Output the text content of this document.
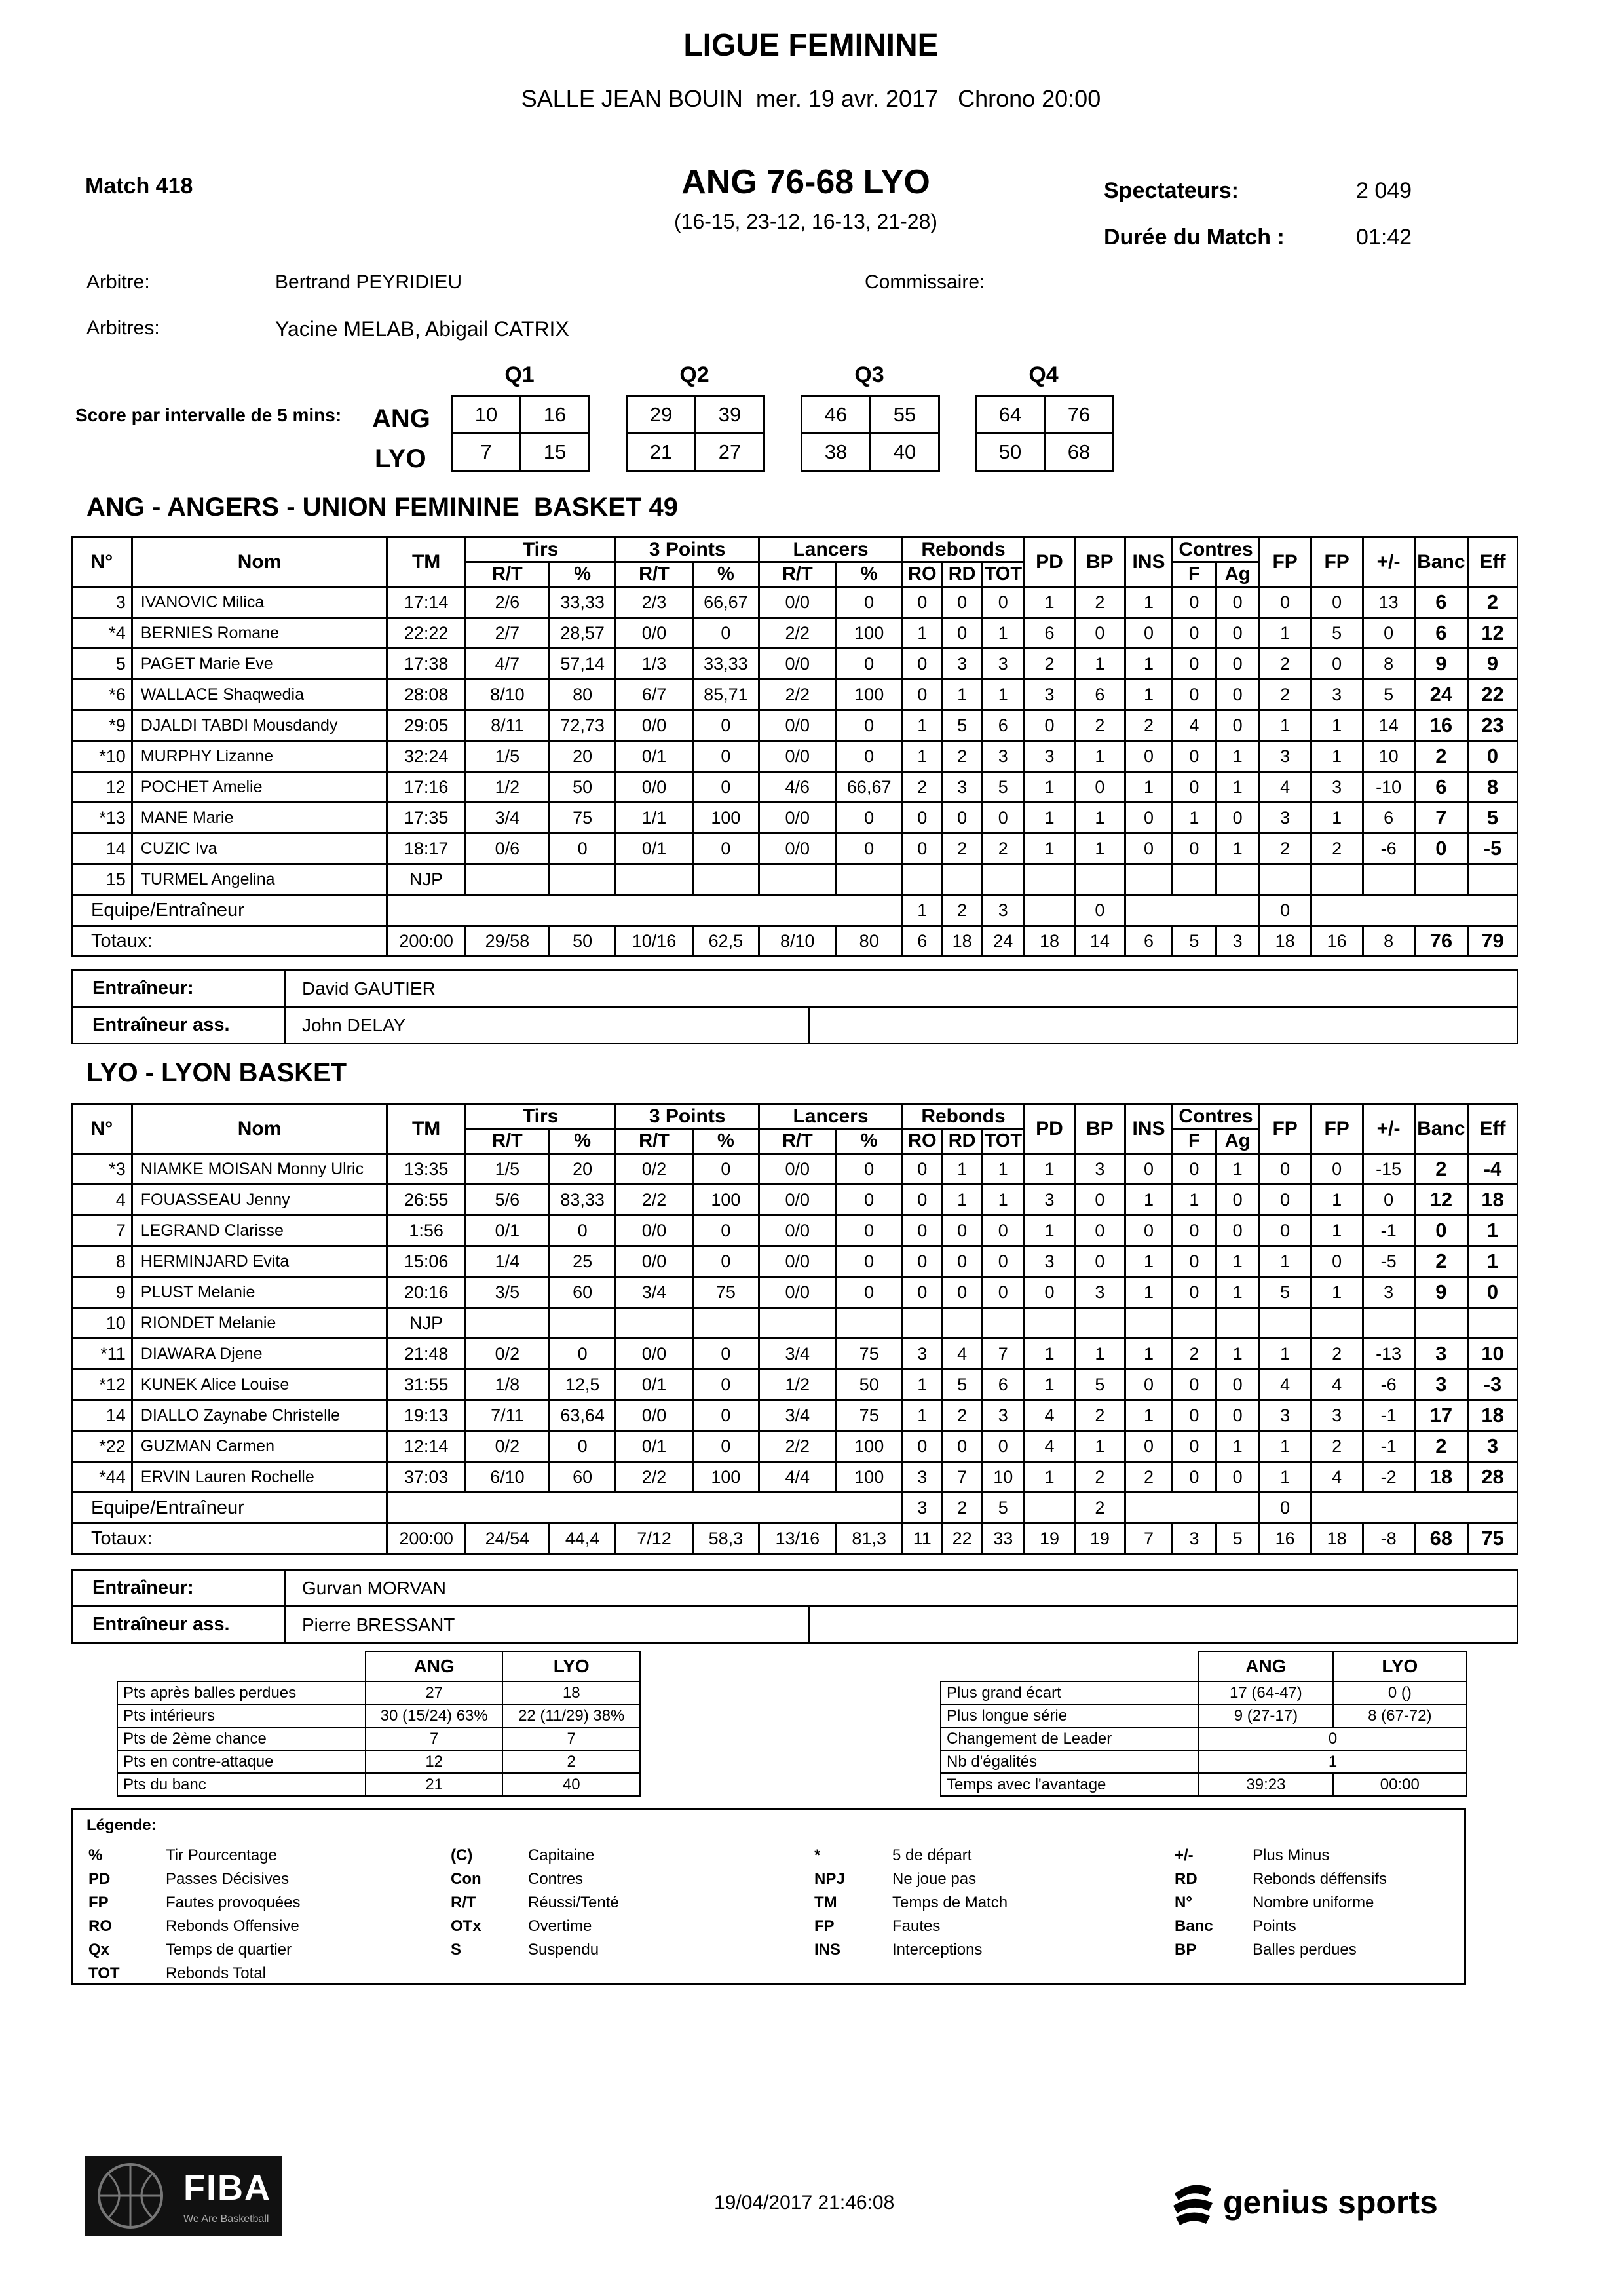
LIGUE FEMININE
SALLE JEAN BOUIN  mer. 19 avr. 2017   Chrono 20:00
Match 418	ANG 76-68 LYO
(16-15, 23-12, 16-13, 21-28)
Spectateurs:	2 049
Durée du Match :	01:42
Arbitre:	Bertrand PEYRIDIEU	Commissaire:
Arbitres:	Yacine MELAB, Abigail CATRIX
Score par intervalle de 5 mins:	ANG
LYO
Q1
10	16
7	15
Q2
29	39
21	27
Q3
46	55
38	40
Q4
64	76
50	68
ANG - ANGERS - UNION FEMININE  BASKET 49
N°	Nom	TM	Tirs		3 Points		Lancers		Rebonds			PD	BP	INS	Contres		FP	FP	+/-	Banc	Eff
			R/T	%	R/T	%	R/T	%	RO	RD	TOT				F	Ag					
3	IVANOVIC Milica	17:14	2/6	33,33	2/3	66,67	0/0	0	0	0	0	1	2	1	0	0	0	0	13	6	2
*4	BERNIES Romane	22:22	2/7	28,57	0/0	0	2/2	100	1	0	1	6	0	0	0	0	1	5	0	6	12
5	PAGET Marie Eve	17:38	4/7	57,14	1/3	33,33	0/0	0	0	3	3	2	1	1	0	0	2	0	8	9	9
*6	WALLACE Shaqwedia	28:08	8/10	80	6/7	85,71	2/2	100	0	1	1	3	6	1	0	0	2	3	5	24	22
*9	DJALDI TABDI Mousdandy	29:05	8/11	72,73	0/0	0	0/0	0	1	5	6	0	2	2	4	0	1	1	14	16	23
*10	MURPHY Lizanne	32:24	1/5	20	0/1	0	0/0	0	1	2	3	3	1	0	0	1	3	1	10	2	0
12	POCHET Amelie	17:16	1/2	50	0/0	0	4/6	66,67	2	3	5	1	0	1	0	1	4	3	-10	6	8
*13	MANE Marie	17:35	3/4	75	1/1	100	0/0	0	0	0	0	1	1	0	1	0	3	1	6	7	5
14	CUZIC Iva	18:17	0/6	0	0/1	0	0/0	0	0	2	2	1	1	0	0	1	2	2	-6	0	-5
15	TURMEL Angelina	NJP																			
Equipe/Entraîneur									1	2	3		0				0				
Totaux:		200:00	29/58	50	10/16	62,5	8/10	80	6	18	24	18	14	6	5	3	18	16	8	76	79
Entraîneur:	David GAUTIER	
Entraîneur ass.	John DELAY	
LYO - LYON BASKET
N°	Nom	TM	Tirs		3 Points		Lancers		Rebonds			PD	BP	INS	Contres		FP	FP	+/-	Banc	Eff
			R/T	%	R/T	%	R/T	%	RO	RD	TOT				F	Ag					
*3	NIAMKE MOISAN Monny Ulric	13:35	1/5	20	0/2	0	0/0	0	0	1	1	1	3	0	0	1	0	0	-15	2	-4
4	FOUASSEAU Jenny	26:55	5/6	83,33	2/2	100	0/0	0	0	1	1	3	0	1	1	0	0	1	0	12	18
7	LEGRAND Clarisse	1:56	0/1	0	0/0	0	0/0	0	0	0	0	1	0	0	0	0	0	1	-1	0	1
8	HERMINJARD Evita	15:06	1/4	25	0/0	0	0/0	0	0	0	0	3	0	1	0	1	1	0	-5	2	1
9	PLUST Melanie	20:16	3/5	60	3/4	75	0/0	0	0	0	0	0	3	1	0	1	5	1	3	9	0
10	RIONDET Melanie	NJP																			
*11	DIAWARA Djene	21:48	0/2	0	0/0	0	3/4	75	3	4	7	1	1	1	2	1	1	2	-13	3	10
*12	KUNEK Alice Louise	31:55	1/8	12,5	0/1	0	1/2	50	1	5	6	1	5	0	0	0	4	4	-6	3	-3
14	DIALLO Zaynabe Christelle	19:13	7/11	63,64	0/0	0	3/4	75	1	2	3	4	2	1	0	0	3	3	-1	17	18
*22	GUZMAN Carmen	12:14	0/2	0	0/1	0	2/2	100	0	0	0	4	1	0	0	1	1	2	-1	2	3
*44	ERVIN Lauren Rochelle	37:03	6/10	60	2/2	100	4/4	100	3	7	10	1	2	2	0	0	1	4	-2	18	28
Equipe/Entraîneur									3	2	5		2				0				
Totaux:		200:00	24/54	44,4	7/12	58,3	13/16	81,3	11	22	33	19	19	7	3	5	16	18	-8	68	75
Entraîneur:	Gurvan MORVAN	
Entraîneur ass.	Pierre BRESSANT	
	ANG	LYO
Pts après balles perdues	27	18
Pts intérieurs	30 (15/24) 63%	22 (11/29) 38%
Pts de 2ème chance	7	7
Pts en contre-attaque	12	2
Pts du banc	21	40
	ANG	LYO
Plus grand écart	17 (64-47)	0 ()
Plus longue série	9 (27-17)	8 (67-72)
Changement de Leader	0	
Nb d'égalités	1	
Temps avec l'avantage	39:23	00:00
Légende:
%	Tir Pourcentage	(C)	Capitaine	*	5 de départ	+/-	Plus Minus
PD	Passes Décisives	Con	Contres	NPJ	Ne joue pas	RD	Rebonds déffensifs
FP	Fautes provoquées	R/T	Réussi/Tenté	TM	Temps de Match	N°	Nombre uniforme
RO	Rebonds Offensive	OTx	Overtime	FP	Fautes	Banc	Points
Qx	Temps de quartier	S	Suspendu	INS	Interceptions	BP	Balles perdues
TOT	Rebonds Total
FIBA
We Are Basketball
19/04/2017 21:46:08	genius sports
